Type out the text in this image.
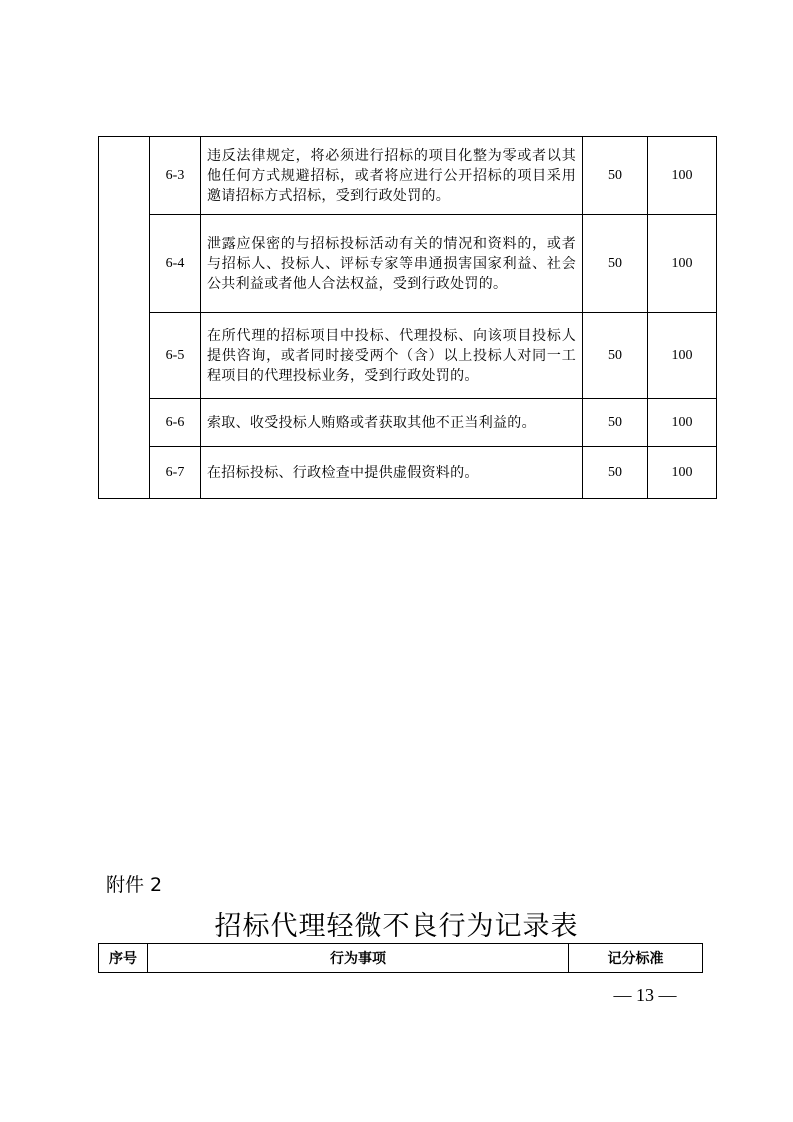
	6-3	违反法律规定，将必须进行招标的项目化整为零或者以其他任何方式规避招标，或者将应进行公开招标的项目采用邀请招标方式招标，受到行政处罚的。	50	100
	6-4	泄露应保密的与招标投标活动有关的情况和资料的，或者与招标人、投标人、评标专家等串通损害国家利益、社会公共利益或者他人合法权益，受到行政处罚的。	50	100
	6-5	在所代理的招标项目中投标、代理投标、向该项目投标人提供咨询，或者同时接受两个（含）以上投标人对同一工程项目的代理投标业务，受到行政处罚的。	50	100
	6-6	索取、收受投标人贿赂或者获取其他不正当利益的。	50	100
	6-7	在招标投标、行政检查中提供虚假资料的。	50	100
附件 2
招标代理轻微不良行为记录表
序号	行为事项	记分标准
— 13 —
